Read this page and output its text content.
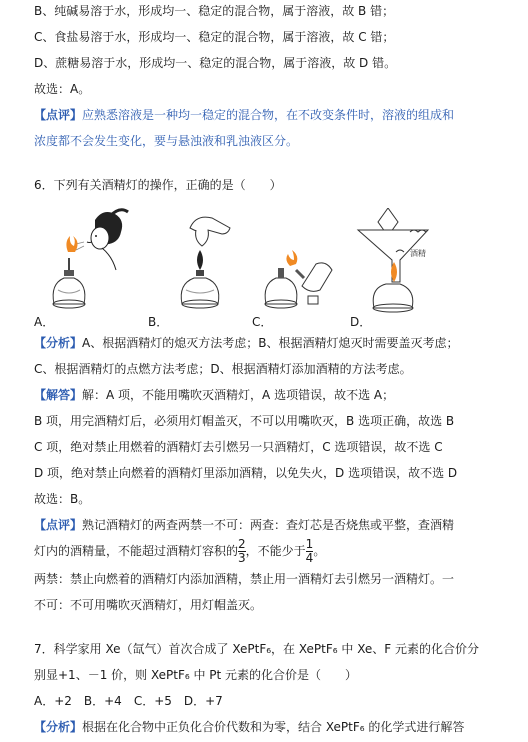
B、纯碱易溶于水，形成均一、稳定的混合物，属于溶液，故 B 错；
C、食盐易溶于水，形成均一、稳定的混合物，属于溶液，故 C 错；
D、蔗糖易溶于水，形成均一、稳定的混合物，属于溶液，故 D 错。
故选：A。
【点评】应熟悉溶液是一种均一稳定的混合物，在不改变条件时，溶液的组成和
浓度都不会发生变化，要与悬浊液和乳浊液区分。
6．下列有关酒精灯的操作，正确的是（　　）
酒精
A．	B．	C．	D．
【分析】A、根据酒精灯的熄灭方法考虑；B、根据酒精灯熄灭时需要盖灭考虑；
C、根据酒精灯的点燃方法考虑；D、根据酒精灯添加酒精的方法考虑。
【解答】解：A 项，不能用嘴吹灭酒精灯，A 选项错误，故不选 A；
B 项，用完酒精灯后，必须用灯帽盖灭，不可以用嘴吹灭，B 选项正确，故选 B
C 项，绝对禁止用燃着的酒精灯去引燃另一只酒精灯，C 选项错误，故不选 C
D 项，绝对禁止向燃着的酒精灯里添加酒精，以免失火，D 选项错误，故不选 D
故选：B。
【点评】熟记酒精灯的两查两禁一不可：两查：查灯芯是否烧焦或平整，查酒精
灯内的酒精量，不能超过酒精灯容积的 $\frac{2}{3}$ ，不能少于 $\frac{1}{4}$ 。
两禁：禁止向燃着的酒精灯内添加酒精，禁止用一酒精灯去引燃另一酒精灯。一
不可：不可用嘴吹灭酒精灯，用灯帽盖灭。
7．科学家用 Xe（氙气）首次合成了 XePtF₆，在 XePtF₆ 中 Xe、F 元素的化合价分
别显+1、－1 价，则 XePtF₆ 中 Pt 元素的化合价是（　　）
A．+2　B．+4　C．+5　D．+7
【分析】根据在化合物中正负化合价代数和为零，结合 XePtF₆ 的化学式进行解答
